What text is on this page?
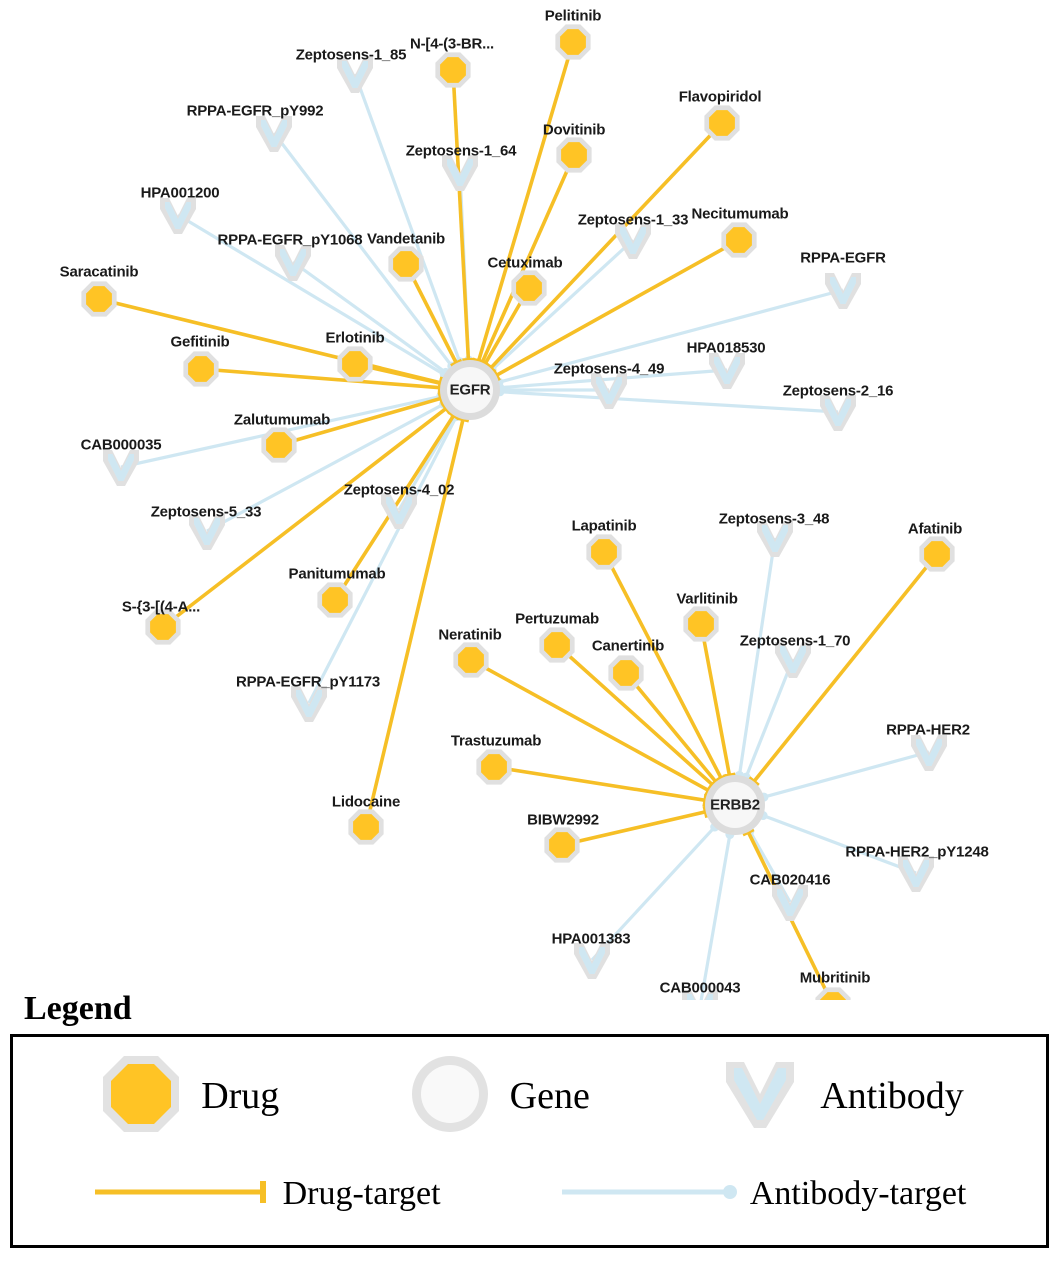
Pelitinib
N-[4-(3-BR...
Flavopiridol
Dovitinib
Necitumumab
Vandetanib
Cetuximab
Saracatinib
Erlotinib
Gefitinib
Zalutumumab
Lapatinib	Afatinib
Panitumumab
Varlitinib
S-{3-[(4-A...
Pertuzumab
Neratinib
Canertinib
Trastuzumab
Lidocaine
BIBW2992
Mubritinib
Zeptosens-1_85
RPPA-EGFR_pY992
Zeptosens-1_64
HPA001200
Zeptosens-1_33
RPPA-EGFR_pY1068
RPPA-EGFR
HPA018530
Zeptosens-4_49
Zeptosens-2_16
CAB000035
Zeptosens-4_02
Zeptosens-5_33	Zeptosens-3_48
Zeptosens-1_70
RPPA-EGFR_pY1173
RPPA-HER2
RPPA-HER2_pY1248
CAB020416
HPA001383
CAB000043
EGFR
ERBB2
Legend
Drug	Gene	Antibody
Drug-target	Antibody-target
